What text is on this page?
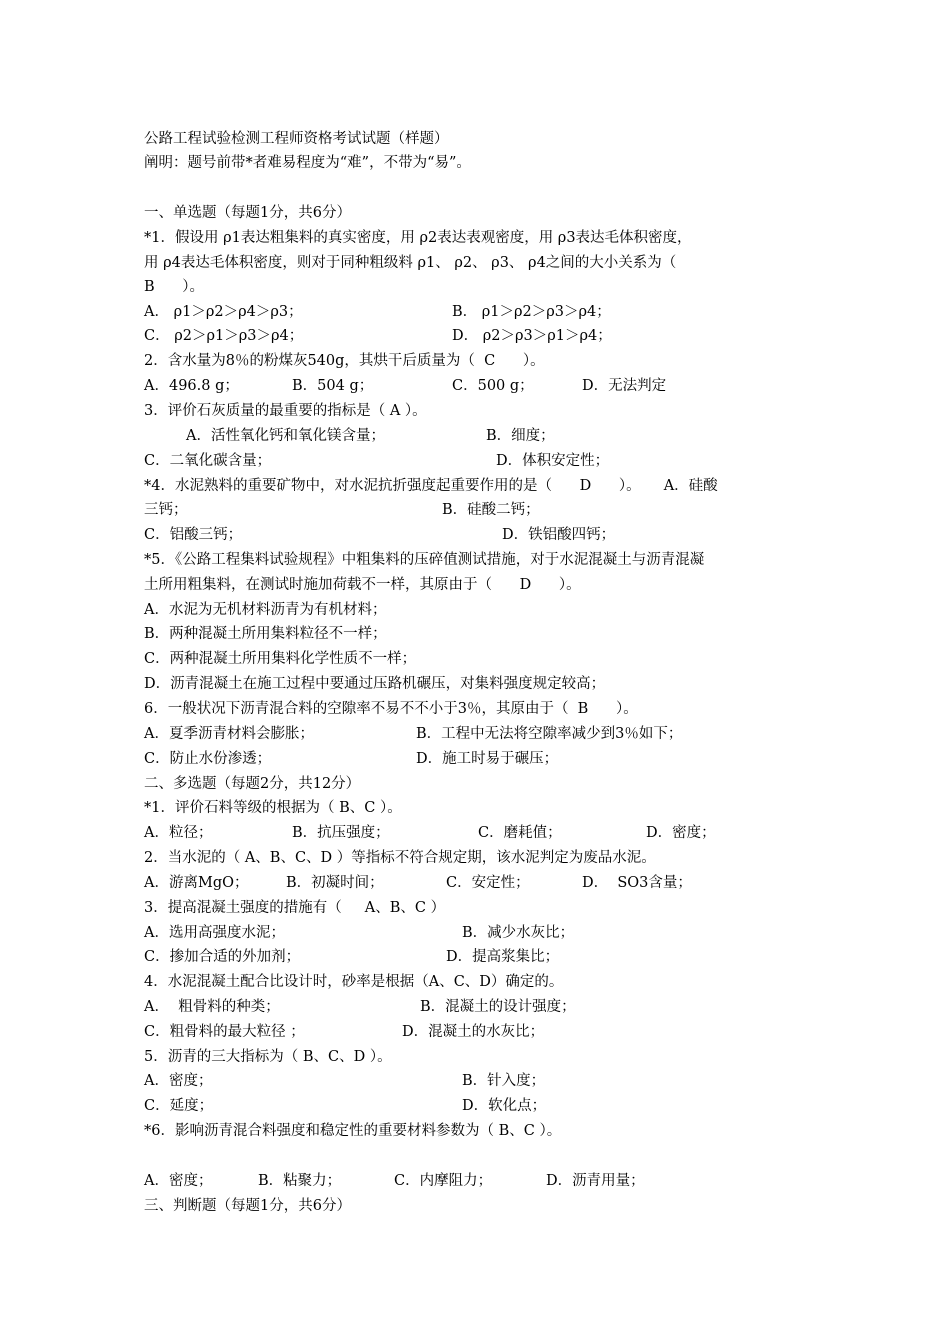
公路工程试验检测工程师资格考试试题（样题）
阐明：题号前带*者难易程度为“难”，不带为“易”。
一、单选题（每题1分，共6分）
*1．假设用 ρ1表达粗集料的真实密度，用 ρ2表达表观密度，用 ρ3表达毛体积密度，
用 ρ4表达毛体积密度，则对于同种粗级料 ρ1、 ρ2、 ρ3、 ρ4之间的大小关系为（
B      ）。
A． ρ1＞ρ2＞ρ4＞ρ3；	B． ρ1＞ρ2＞ρ3＞ρ4；
C． ρ2＞ρ1＞ρ3＞ρ4；	D． ρ2＞ρ3＞ρ1＞ρ4；
2．含水量为8％的粉煤灰540g，其烘干后质量为（  C      ）。
A．496.8 g；	B．504 g；	C．500 g；	D．无法判定
3．评价石灰质量的最重要的指标是（ A ）。
A．活性氧化钙和氧化镁含量；	B．细度；
C．二氧化碳含量；	D．体积安定性；
*4．水泥熟料的重要矿物中，对水泥抗折强度起重要作用的是（      D      ）。     A．硅酸
三钙；	B．硅酸二钙；
C．铝酸三钙；	D．铁铝酸四钙；
*5．《公路工程集料试验规程》中粗集料的压碎值测试措施，对于水泥混凝土与沥青混凝
土所用粗集料，在测试时施加荷载不一样，其原由于（      D      ）。
A．水泥为无机材料沥青为有机材料；
B．两种混凝土所用集料粒径不一样；
C．两种混凝土所用集料化学性质不一样；
D．沥青混凝土在施工过程中要通过压路机碾压，对集料强度规定较高；
6．一般状况下沥青混合料的空隙率不易不不小于3％，其原由于（  B      ）。
A．夏季沥青材料会膨胀；	B．工程中无法将空隙率减少到3％如下；
C．防止水份渗透；	D．施工时易于碾压；
二、多选题（每题2分，共12分）
*1．评价石料等级的根据为（ B、C ）。
A．粒径；	B．抗压强度；	C．磨耗值；	D．密度；
2．当水泥的（ A、B、C、D ）等指标不符合规定期，该水泥判定为废品水泥。
A．游离MgO；	B．初凝时间；	C．安定性；	D．  SO3含量；
3．提高混凝土强度的措施有（     A、B、C ）
A．选用高强度水泥；	B．减少水灰比；
C．掺加合适的外加剂；	D．提高浆集比；
4．水泥混凝土配合比设计时，砂率是根据（A、C、D）确定的。
A．  粗骨料的种类；	B．混凝土的设计强度；
C．粗骨料的最大粒径 ；	D．混凝土的水灰比；
5．沥青的三大指标为（ B、C、D ）。
A．密度；	B．针入度；
C．延度；	D．软化点；
*6．影响沥青混合料强度和稳定性的重要材料参数为（ B、C ）。
A．密度；	B．粘聚力；	C．内摩阻力；	D．沥青用量；
三、判断题（每题1分，共6分）
